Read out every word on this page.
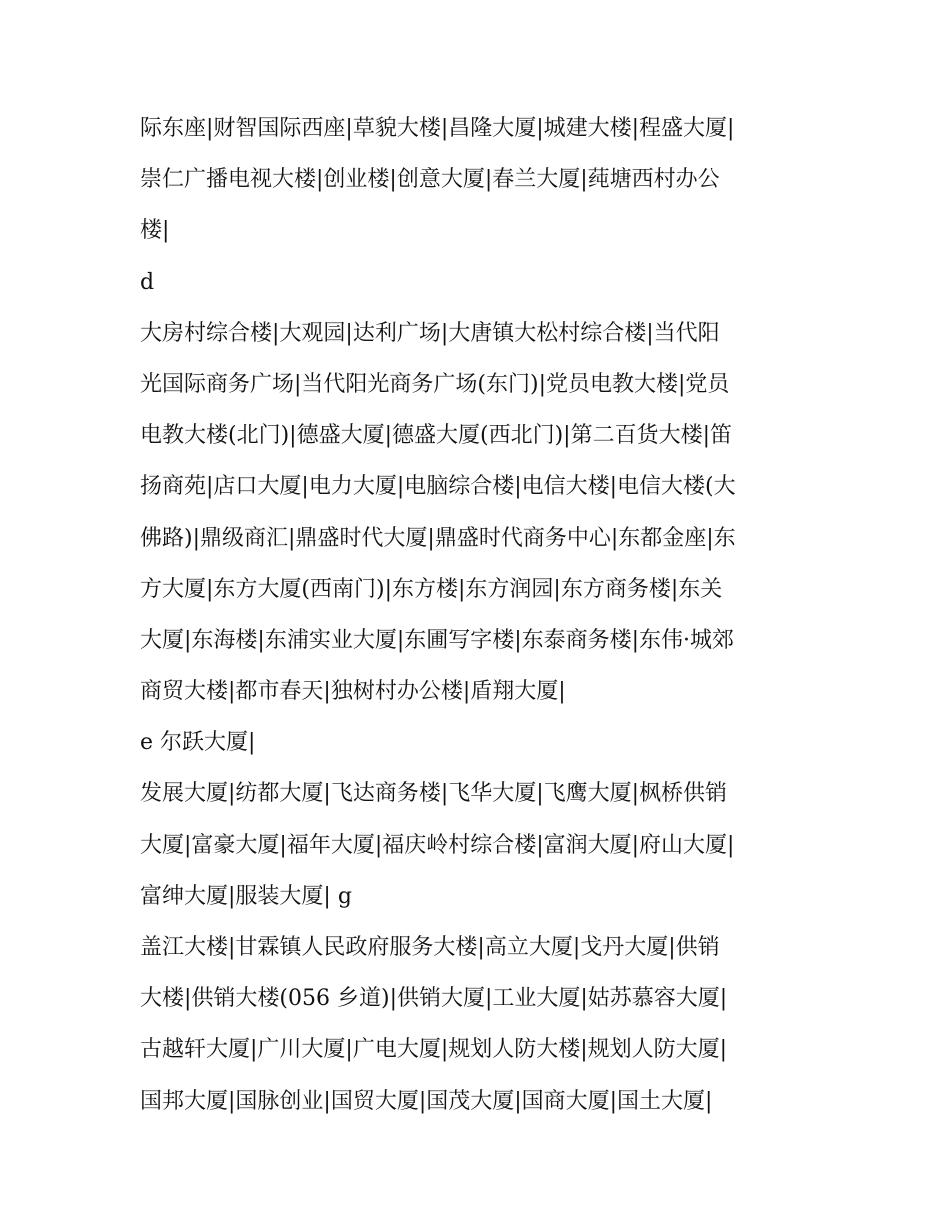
际东座|财智国际西座|草貌大楼|昌隆大厦|城建大楼|程盛大厦|
崇仁广播电视大楼|创业楼|创意大厦|春兰大厦|莼塘西村办公
楼|
d
大房村综合楼|大观园|达利广场|大唐镇大松村综合楼|当代阳
光国际商务广场|当代阳光商务广场(东门)|党员电教大楼|党员
电教大楼(北门)|德盛大厦|德盛大厦(西北门)|第二百货大楼|笛
扬商苑|店口大厦|电力大厦|电脑综合楼|电信大楼|电信大楼(大
佛路)|鼎级商汇|鼎盛时代大厦|鼎盛时代商务中心|东都金座|东
方大厦|东方大厦(西南门)|东方楼|东方润园|东方商务楼|东关
大厦|东海楼|东浦实业大厦|东圃写字楼|东泰商务楼|东伟·城郊
商贸大楼|都市春天|独树村办公楼|盾翔大厦|
e 尔跃大厦|
发展大厦|纺都大厦|飞达商务楼|飞华大厦|飞鹰大厦|枫桥供销
大厦|富豪大厦|福年大厦|福庆岭村综合楼|富润大厦|府山大厦|
富绅大厦|服装大厦| g
盖江大楼|甘霖镇人民政府服务大楼|高立大厦|戈丹大厦|供销
大楼|供销大楼(056 乡道)|供销大厦|工业大厦|姑苏慕容大厦|
古越轩大厦|广川大厦|广电大厦|规划人防大楼|规划人防大厦|
国邦大厦|国脉创业|国贸大厦|国茂大厦|国商大厦|国土大厦|
